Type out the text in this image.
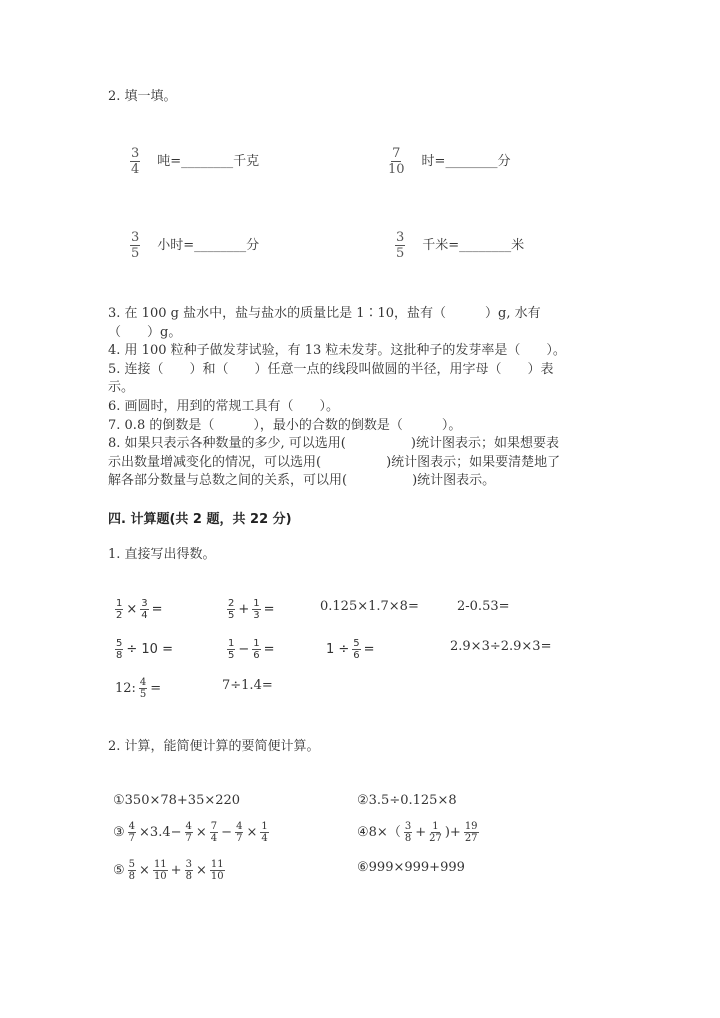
2. 填一填。
$\frac{3}{4}$ 吨=________千克	$\frac{7}{10}$ 时=________分
$\frac{3}{5}$ 小时=________分	$\frac{3}{5}$ 千米=________米
3. 在 100 g 盐水中，盐与盐水的质量比是 1∶10，盐有（　　　）g, 水有
（　　）g。
4. 用 100 粒种子做发芽试验，有 13 粒未发芽。这批种子的发芽率是（　　）。
5. 连接（　　）和（　　）任意一点的线段叫做圆的半径，用字母（　　）表
示。
6. 画圆时，用到的常规工具有（　　）。
7. 0.8 的倒数是（　　　），最小的合数的倒数是（　　　）。
8. 如果只表示各种数量的多少, 可以选用(　　　　　)统计图表示；如果想要表
示出数量增减变化的情况，可以选用(　　　　　)统计图表示；如果要清楚地了
解各部分数量与总数之间的关系，可以用(　　　　　)统计图表示。
四. 计算题(共 2 题，共 22 分)
1. 直接写出得数。
2. 计算，能简便计算的要简便计算。
$\frac{1}{2} \times \frac{3}{4}$ =	$\frac{2}{5} + \frac{1}{3}$ =	0.125×1.7×8=	2-0.53=
$\frac{5}{8} \div 10$ =	$\frac{1}{5} - \frac{1}{6}$ =	$1 \div \frac{5}{6}$ =	2.9×3÷2.9×3=
12: $\frac{4}{5}$ =	7÷1.4=
①350×78+35×220	②3.5÷0.125×8
③ $\frac{4}{7} \times 3.4- \frac{4}{7} \times \frac{7}{4} - \frac{4}{7} \times \frac{1}{4}$	④8×（ $\frac{3}{8} + \frac{1}{27}$ )+ $\frac{19}{27}$
⑤ $\frac{5}{8} \times \frac{11}{10} + \frac{3}{8} \times \frac{11}{10}$	⑥999×999+999
